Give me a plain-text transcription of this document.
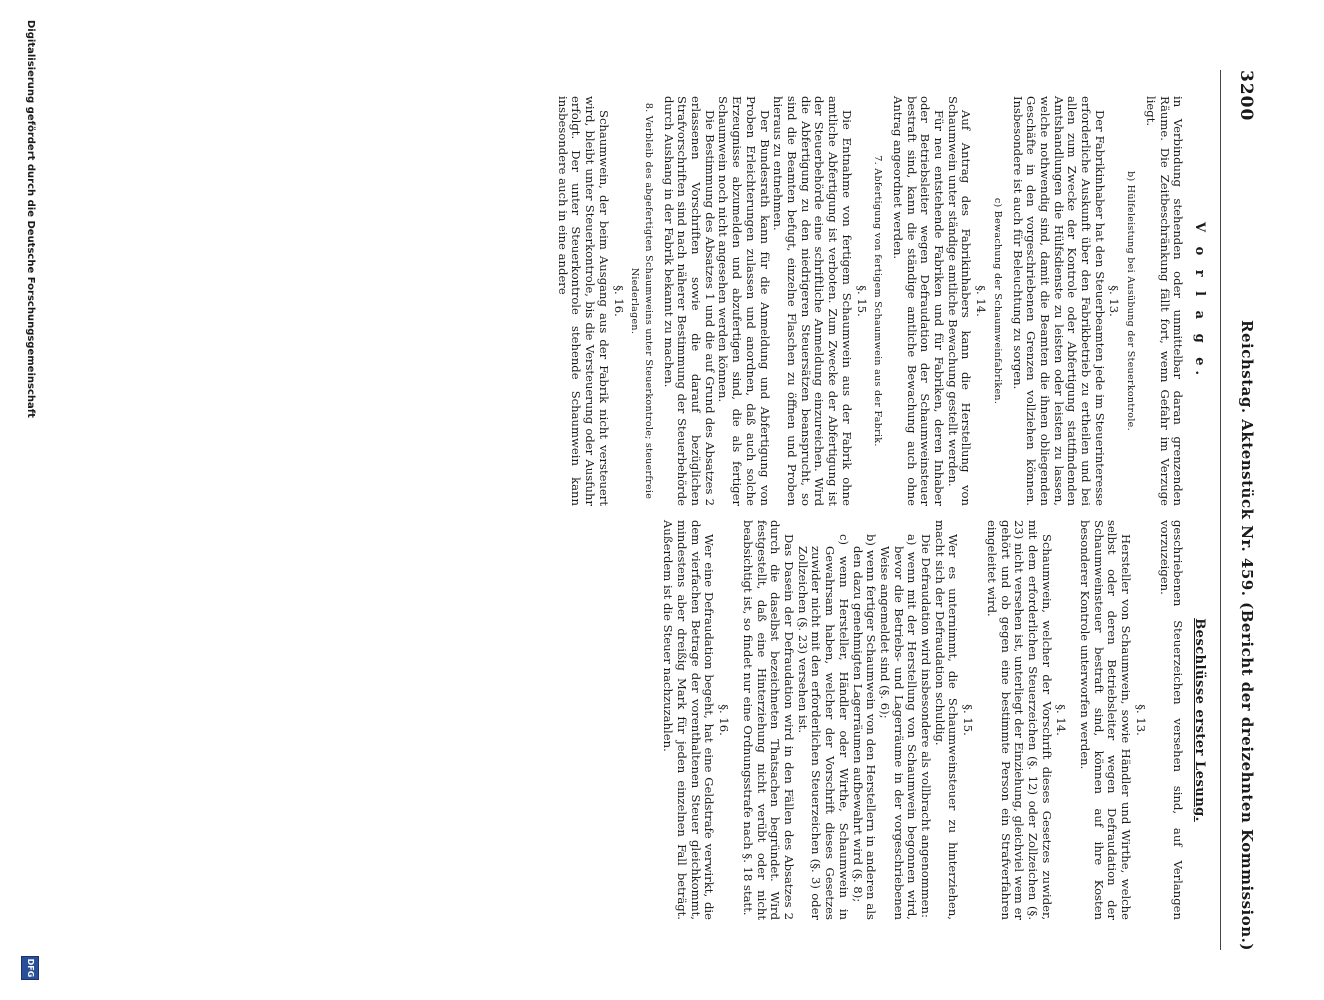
3200
Reichstag. Aktenstück Nr. 459. (Bericht der dreizehnten Kommission.)
V o r l a g e.

in Verbindung stehenden oder unmittelbar daran grenzenden Räume. Die Zeitbeschränkung fällt fort, wenn Gefahr im Verzuge liegt.

b) Hülfeleistung bei Ausübung der Steuerkontrole.
§. 13.

Der Fabrikinhaber hat den Steuerbeamten jede im Steuerinteresse erforderliche Auskunft über den Fabrikbetrieb zu ertheilen und bei allen zum Zwecke der Kontrole oder Abfertigung stattfindenden Amtshandlungen die Hülfsdienste zu leisten oder leisten zu lassen, welche nothwendig sind, damit die Beamten die ihnen obliegenden Geschäfte in den vorgeschriebenen Grenzen vollziehen können. Insbesondere ist auch für Beleuchtung zu sorgen.

c) Bewachung der Schaumweinfabriken.
§. 14.

Auf Antrag des Fabrikinhabers kann die Herstellung von Schaumwein unter ständige amtliche Bewachung gestellt werden.

Für neu entstehende Fabriken und für Fabriken, deren Inhaber oder Betriebsleiter wegen Defraudation der Schaumweinsteuer bestraft sind, kann die ständige amtliche Bewachung auch ohne Antrag angeordnet werden.

7. Abfertigung von fertigem Schaumwein aus der Fabrik.
§. 15.

Die Entnahme von fertigem Schaumwein aus der Fabrik ohne amtliche Abfertigung ist verboten. Zum Zwecke der Abfertigung ist der Steuerbehörde eine schriftliche Anmeldung einzureichen. Wird die Abfertigung zu den niedrigeren Steuersätzen beansprucht, so sind die Beamten befugt, einzelne Flaschen zu öffnen und Proben hieraus zu entnehmen.

Der Bundesrath kann für die Anmeldung und Abfertigung von Proben Erleichterungen zulassen und anordnen, daß auch solche Erzeugnisse abzumelden und abzufertigen sind, die als fertiger Schaumwein noch nicht angesehen werden können.

Die Bestimmung des Absatzes 1 und die auf Grund des Absatzes 2 erlassenen Vorschriften sowie die darauf bezüglichen Strafvorschriften sind nach näherer Bestimmung der Steuerbehörde durch Aushang in der Fabrik bekannt zu machen.

8. Verbleib des abgefertigten Schaumweins unter Steuerkontrole; steuerfreie Niederlagen.
§. 16.

Schaumwein, der beim Ausgang aus der Fabrik nicht versteuert wird, bleibt unter Steuerkontrole, bis die Versteuerung oder Ausfuhr erfolgt. Der unter Steuerkontrole stehende Schaumwein kann insbesondere auch in eine andere

Beschlüsse erster Lesung.

geschriebenen Steuerzeichen versehen sind, auf Verlangen vorzuzeigen.

§. 13.

Hersteller von Schaumwein, sowie Händler und Wirthe, welche selbst oder deren Betriebsleiter wegen Defraudation der Schaumweinsteuer bestraft sind, können auf ihre Kosten besonderer Kontrole unterworfen werden.

§. 14.

Schaumwein, welcher der Vorschrift dieses Gesetzes zuwider, mit dem erforderlichen Steuerzeichen (§. 12) oder Zollzeichen (§. 23) nicht versehen ist, unterliegt der Einziehung, gleichviel wem er gehört und ob gegen eine bestimmte Person ein Strafverfahren eingeleitet wird.

§. 15.

Wer es unternimmt, die Schaumweinsteuer zu hinterziehen, macht sich der Defraudation schuldig.

Die Defraudation wird insbesondere als vollbracht angenommen:

a) wenn mit der Herstellung von Schaumwein begonnen wird, bevor die Betriebs- und Lagerräume in der vorgeschriebenen Weise angemeldet sind (§. 6);

b) wenn fertiger Schaumwein von den Herstellern in anderen als den dazu genehmigten Lagerräumen aufbewahrt wird (§. 8);

c) wenn Hersteller, Händler oder Wirthe, Schaumwein in Gewahrsam haben, welcher der Vorschrift dieses Gesetzes zuwider nicht mit den erforderlichen Steuerzeichen (§. 3) oder Zollzeichen (§. 23) versehen ist.

Das Dasein der Defraudation wird in den Fällen des Absatzes 2 durch die daselbst bezeichneten Thatsachen begründet. Wird festgestellt, daß eine Hinterziehung nicht verübt oder nicht beabsichtigt ist, so findet nur eine Ordnungsstrafe nach §. 18 statt.

§. 16.

Wer eine Defraudation begeht, hat eine Geldstrafe verwirkt, die dem vierfachen Betrage der vorenthaltenen Steuer gleichkommt, mindestens aber dreißig Mark für jeden einzelnen Fall beträgt. Außerdem ist die Steuer nachzuzahlen.

Digitalisierung gefördert durch die Deutsche Forschungsgemeinschaft
DFG
